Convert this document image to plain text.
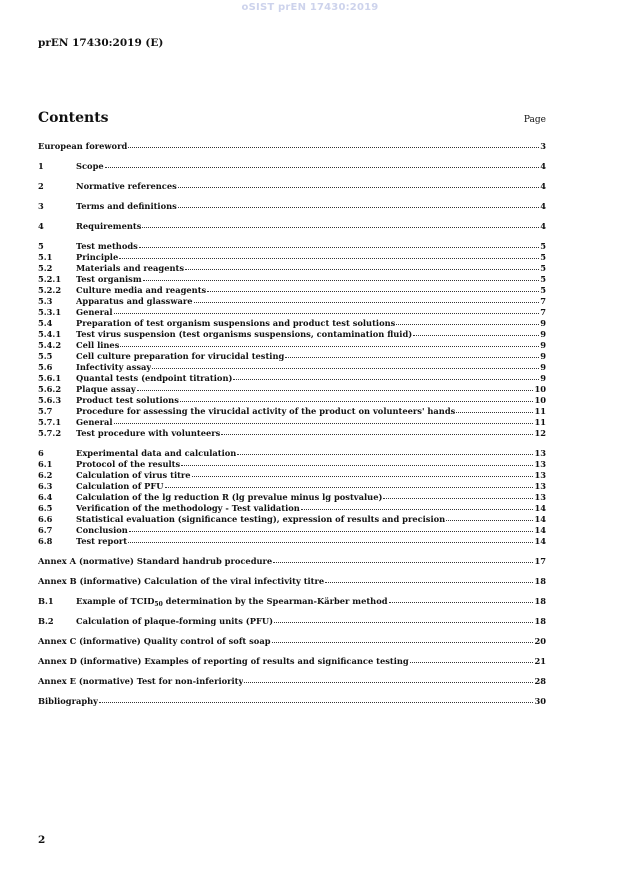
oSIST prEN 17430:2019
prEN 17430:2019 (E)
Contents	Page
European foreword	3
1	Scope	4
2	Normative references	4
3	Terms and definitions	4
4	Requirements	4
5	Test methods	5
5.1	Principle	5
5.2	Materials and reagents	5
5.2.1	Test organism	5
5.2.2	Culture media and reagents	5
5.3	Apparatus and glassware	7
5.3.1	General	7
5.4	Preparation of test organism suspensions and product test solutions	9
5.4.1	Test virus suspension (test organisms suspensions, contamination fluid)	9
5.4.2	Cell lines	9
5.5	Cell culture preparation for virucidal testing	9
5.6	Infectivity assay	9
5.6.1	Quantal tests (endpoint titration)	9
5.6.2	Plaque assay	10
5.6.3	Product test solutions	10
5.7	Procedure for assessing the virucidal activity of the product on volunteers' hands	11
5.7.1	General	11
5.7.2	Test procedure with volunteers	12
6	Experimental data and calculation	13
6.1	Protocol of the results	13
6.2	Calculation of virus titre	13
6.3	Calculation of PFU	13
6.4	Calculation of the lg reduction R (lg prevalue minus lg postvalue)	13
6.5	Verification of the methodology - Test validation	14
6.6	Statistical evaluation (significance testing), expression of results and precision	14
6.7	Conclusion	14
6.8	Test report	14
Annex A (normative) Standard handrub procedure	17
Annex B (informative) Calculation of the viral infectivity titre	18
B.1	Example of $TCID_{50}$ determination by the Spearman-Kärber method	18
B.2	Calculation of plaque-forming units (PFU)	18
Annex C (informative) Quality control of soft soap	20
Annex D (informative) Examples of reporting of results and significance testing	21
Annex E (normative) Test for non-inferiority	28
Bibliography	30
2
